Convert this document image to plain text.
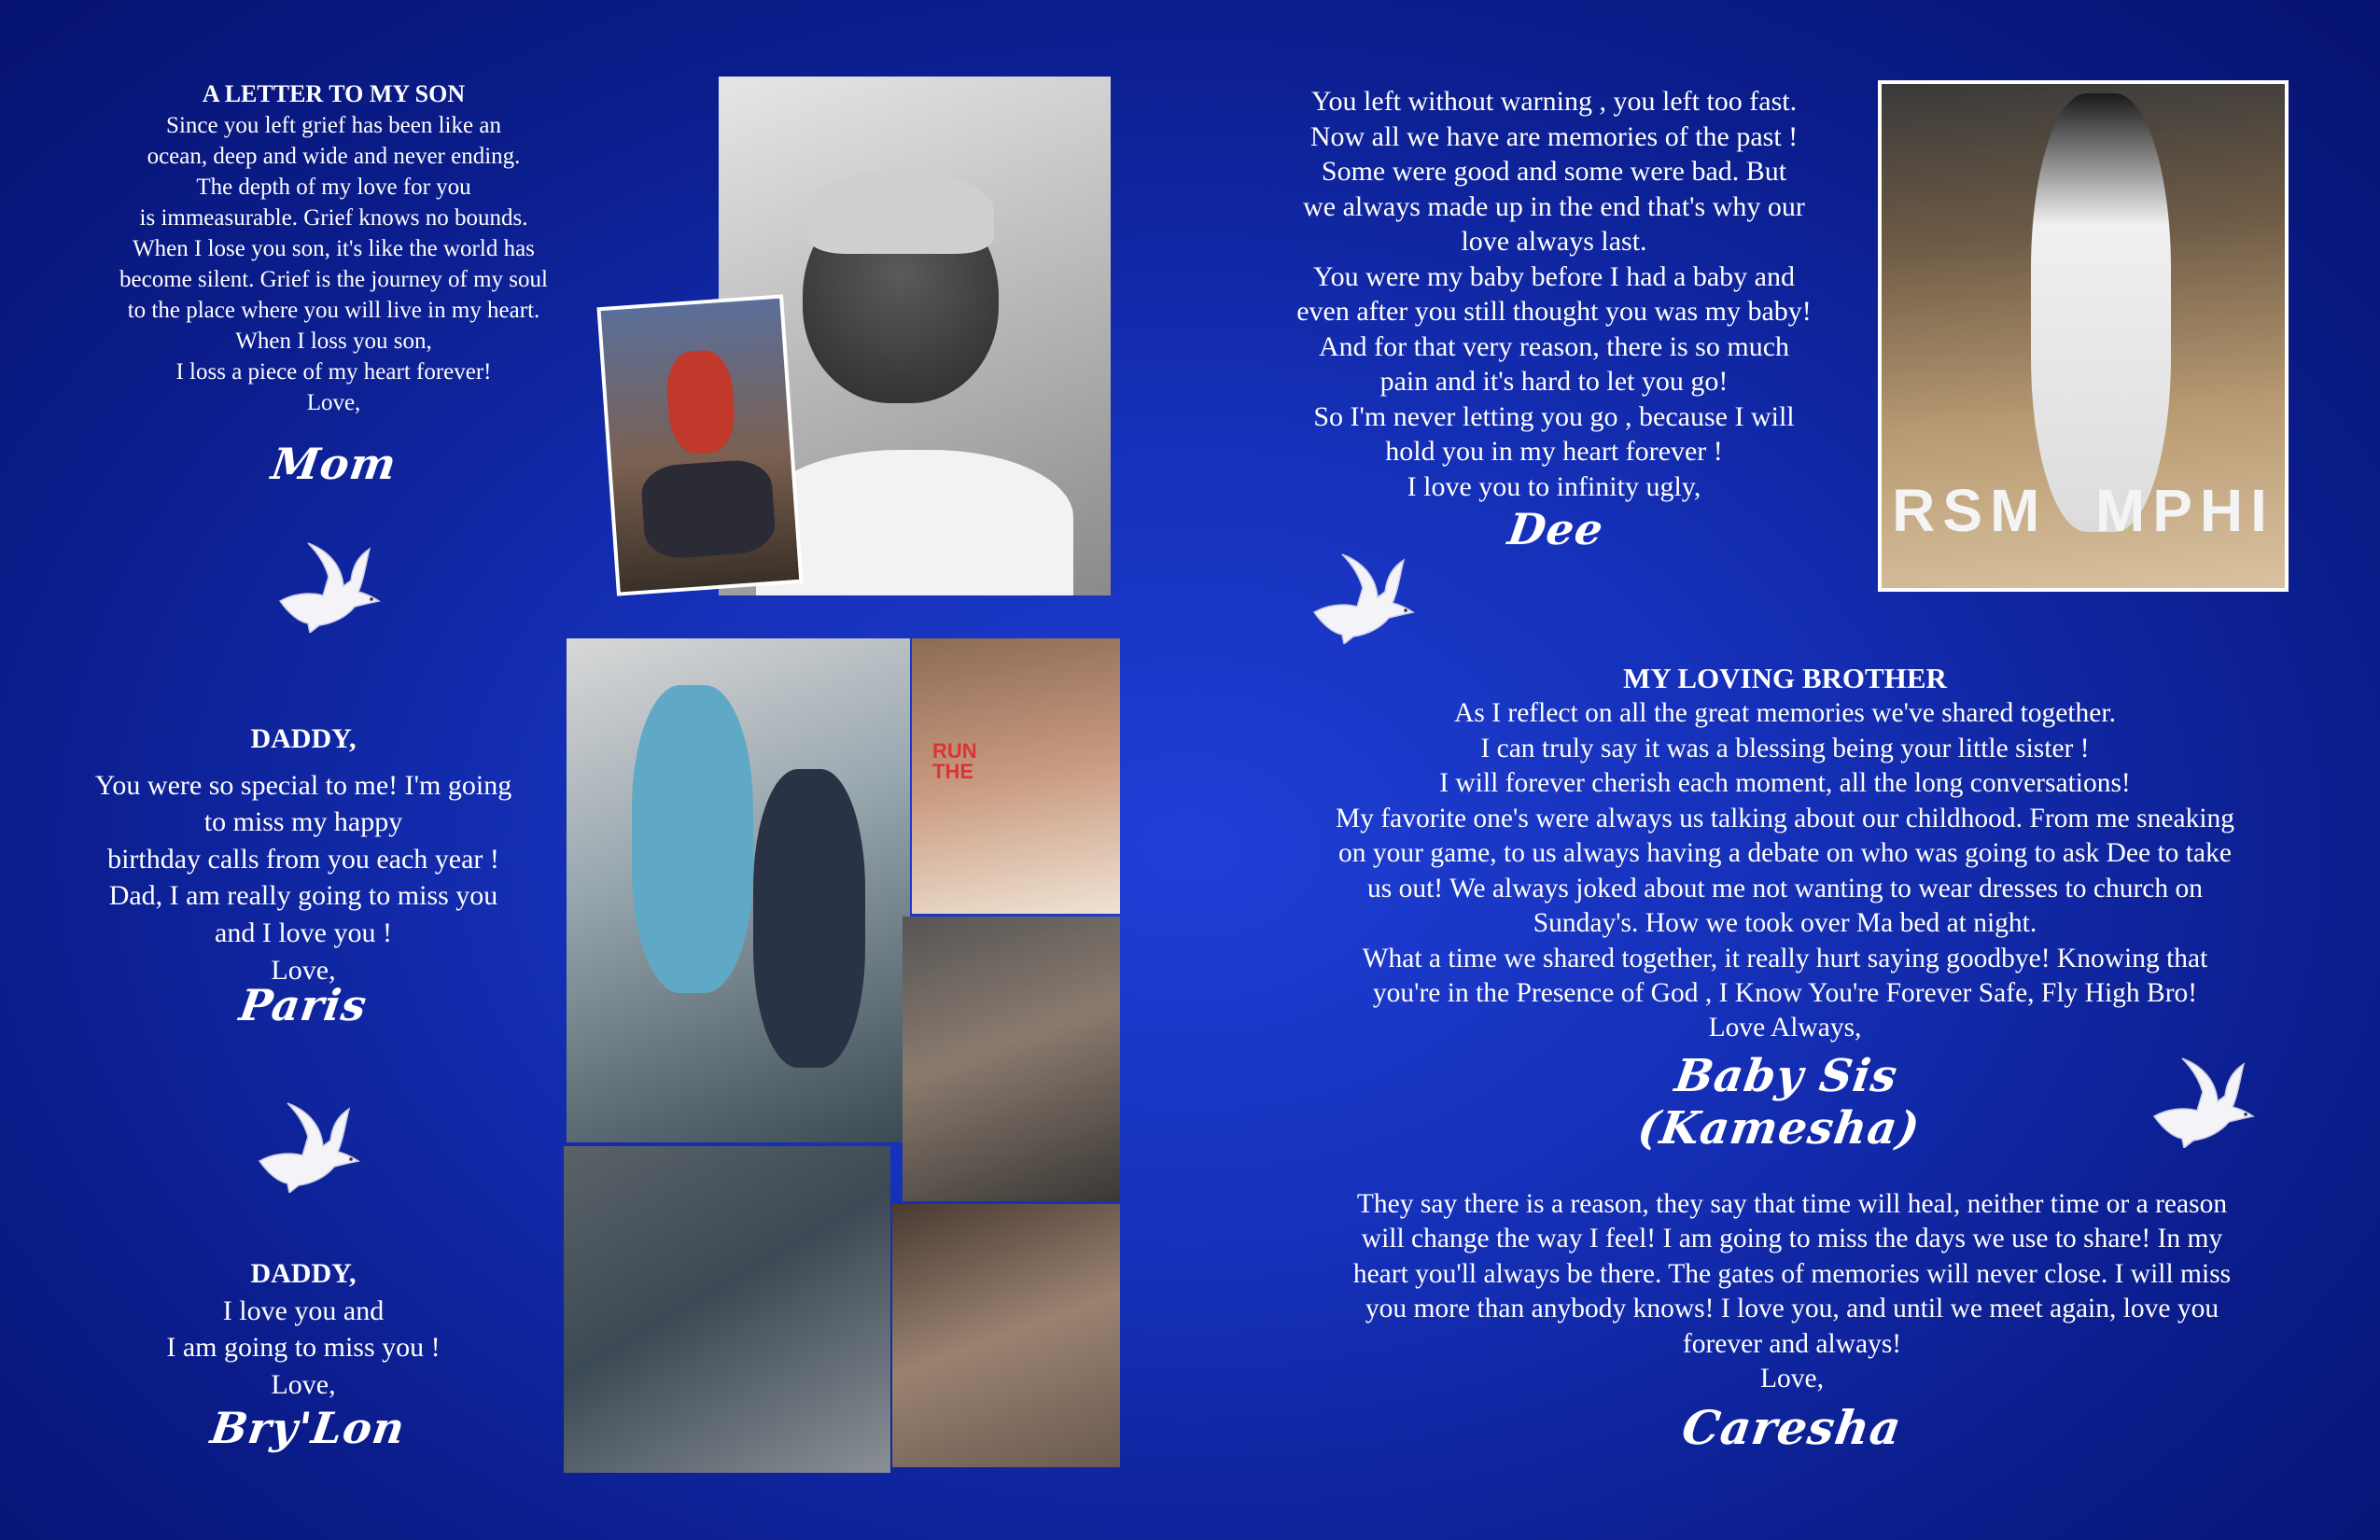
A LETTER TO MY SON
Since you left grief has been like an
ocean, deep and wide and never ending.
The depth of my love for you
is immeasurable. Grief knows no bounds.
When I lose you son, it's like the world has
become silent. Grief is the journey of my soul
to the place where you will live in my heart.
When I loss you son,
I loss a piece of my heart forever!
Love,
Mom
DADDY,
You were so special to me! I'm going
to miss my happy
birthday calls from you each year !
Dad, I am really going to miss you
and I love you !
Love,
Paris
DADDY,
I love you and
I am going to miss you !
Love,
Bry'Lon
RUN THE
You left without warning , you left too fast.
Now all we have are memories of the past !
Some were good and some were bad. But
we always made up in the end that's why our
love always last.
You were my baby before I had a baby and
even after you still thought you was my baby!
And for that very reason, there is so much
pain and it's hard to let you go!
So I'm never letting you go , because I will
hold you in my heart forever !
I love you to infinity ugly,
Dee	RSM  MPHI
MY LOVING BROTHER
As I reflect on all the great memories we've shared together.
I can truly say it was a blessing being your little sister !
I will forever cherish each moment, all the long conversations!
My favorite one's were always us talking about our childhood. From me sneaking
on your game, to us always having a debate on who was going to ask Dee to take
us out! We always joked about me not wanting to wear dresses to church on
Sunday's. How we took over Ma bed at night.
What a time we shared together, it really hurt saying goodbye! Knowing that
you're in the Presence of God , I Know You're Forever Safe, Fly High Bro!
Love Always,
Baby Sis (Kamesha)
They say there is a reason, they say that time will heal, neither time or a reason
will change the way I feel! I am going to miss the days we use to share! In my
heart you'll always be there. The gates of memories will never close. I will miss
you more than anybody knows! I love you, and until we meet again, love you
forever and always!
Love,
Caresha
